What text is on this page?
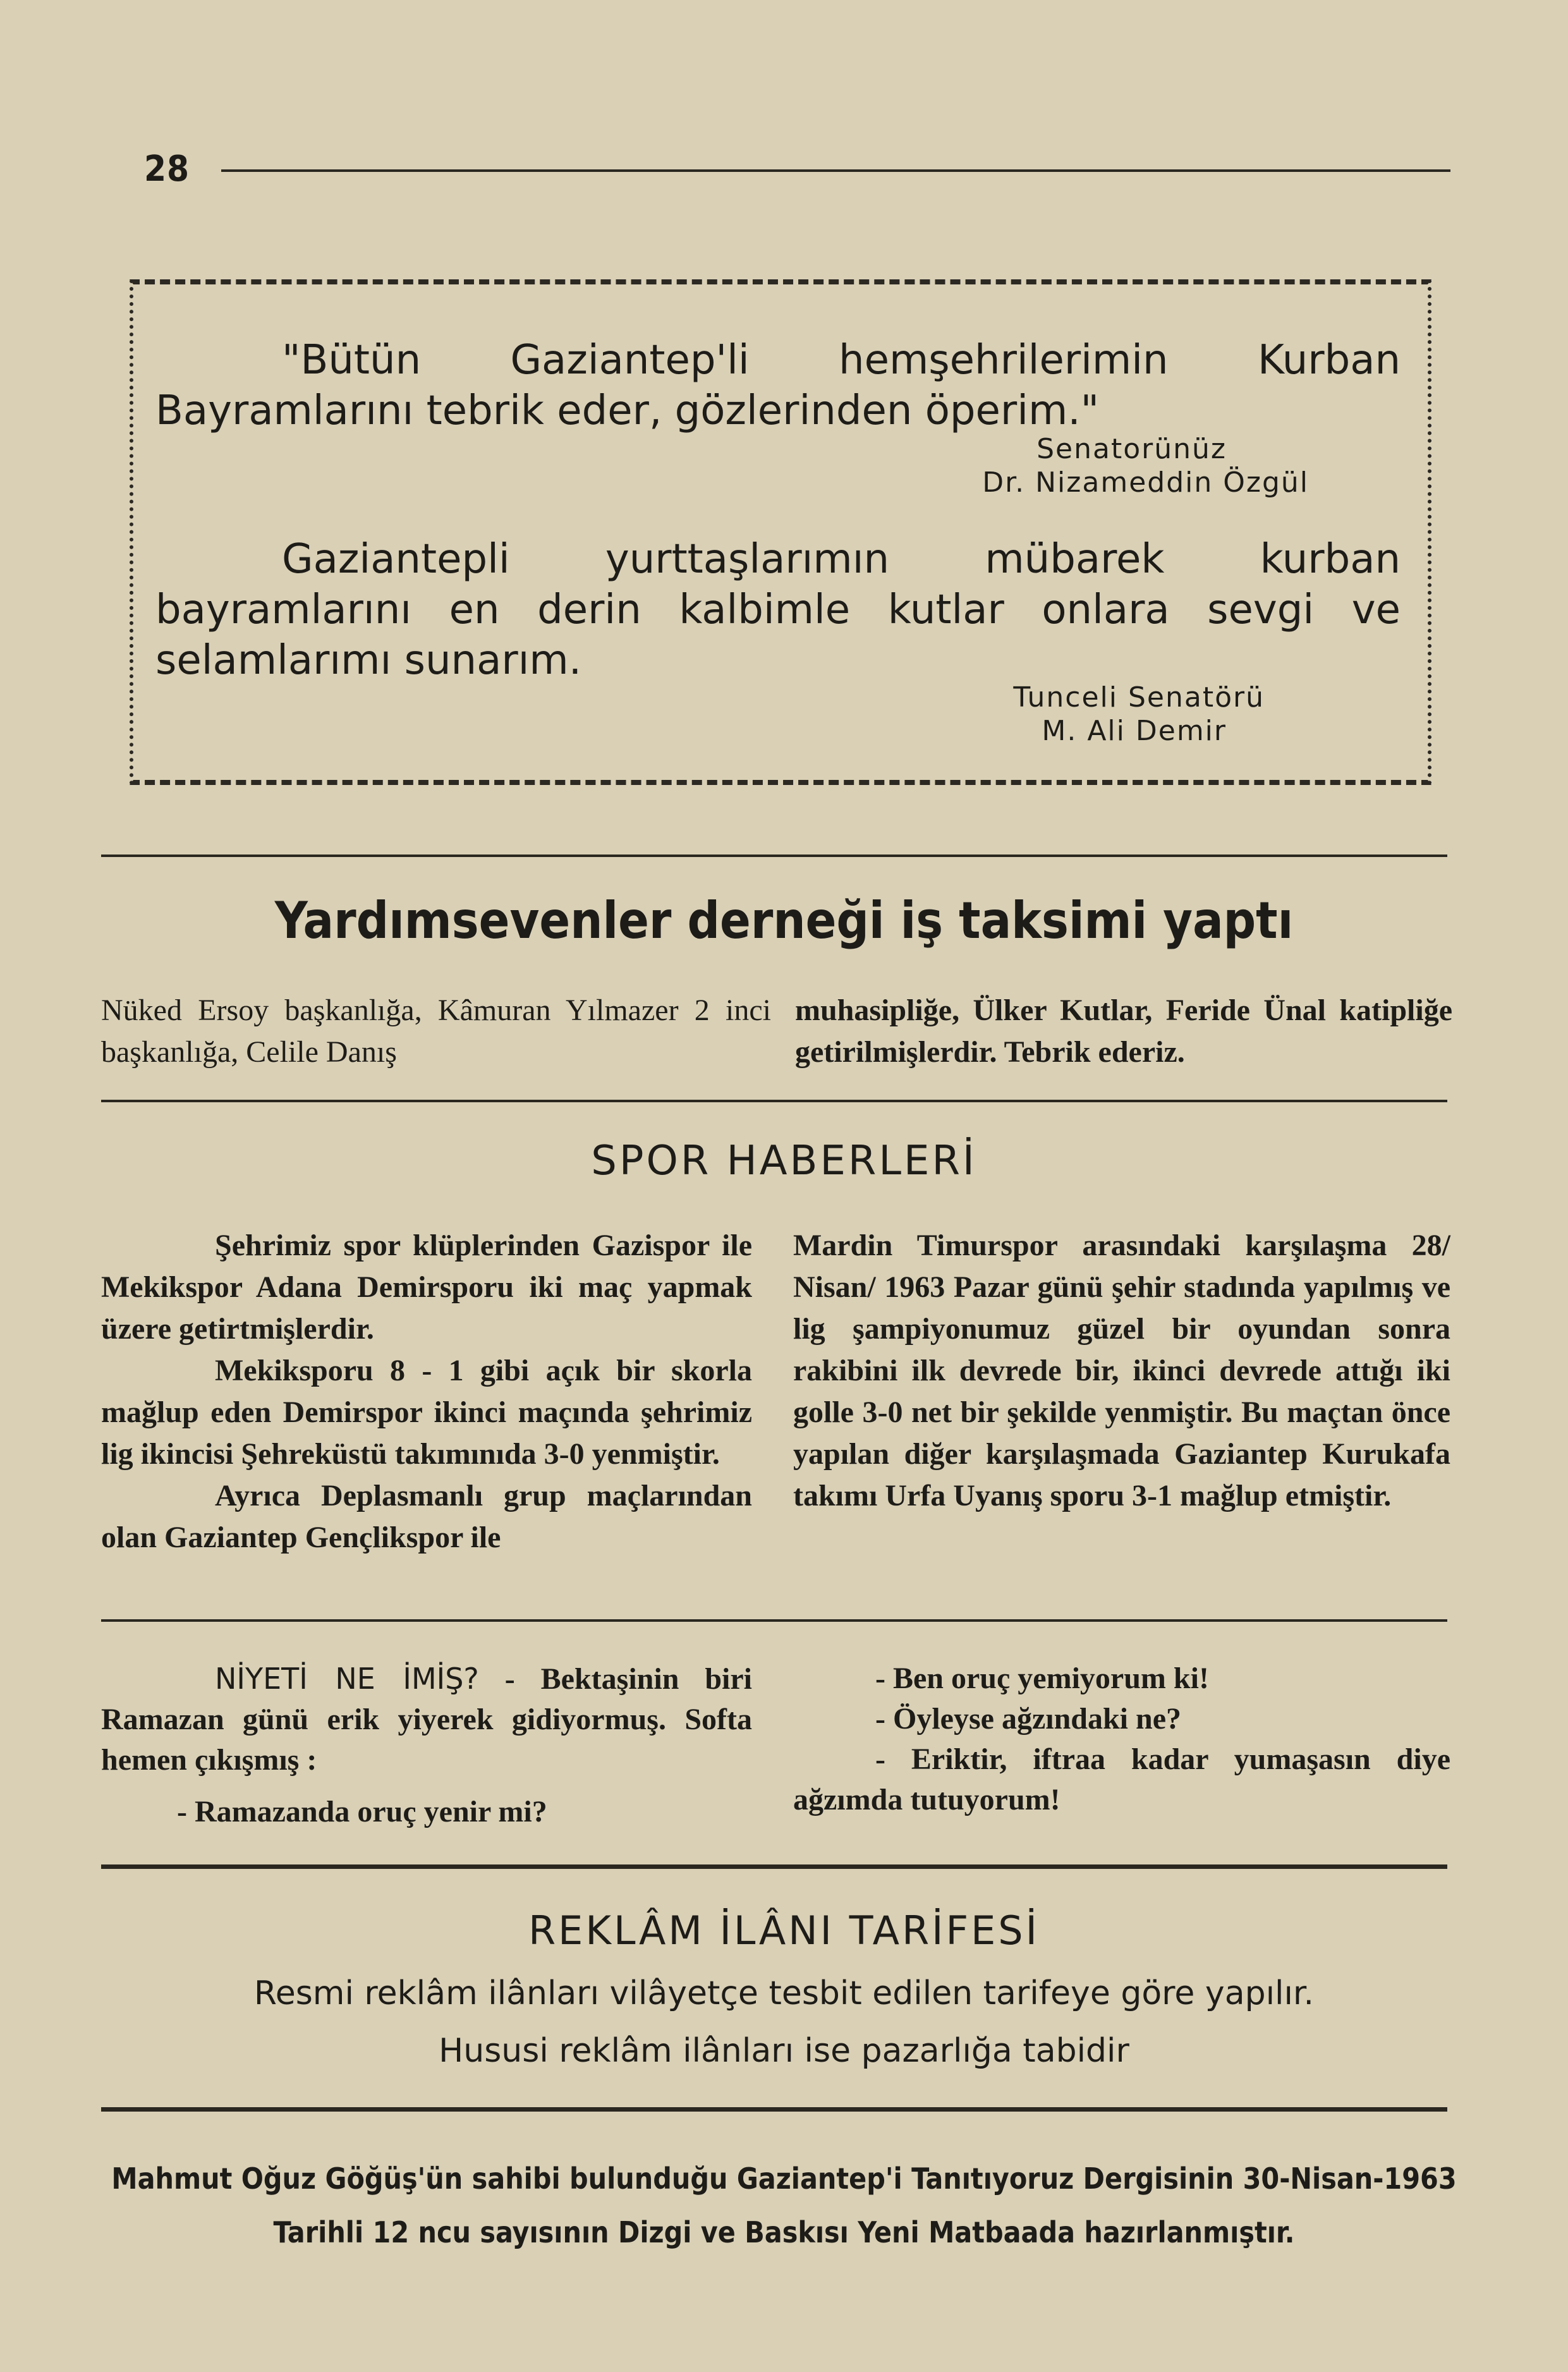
28
"Bütün Gaziantep'li hemşehrilerimin Kurban Bayramlarını tebrik eder, gözlerinden öperim."
Senatorünüz
Dr. Nizameddin Özgül
Gaziantepli yurttaşlarımın mübarek kurban bayramlarını en derin kalbimle kutlar onlara sevgi ve selamlarımı sunarım.
Tunceli Senatörü
M. Ali Demir
Yardımsevenler derneği iş taksimi yaptı
Nüked Ersoy başkanlığa, Kâmuran Yılmazer 2 inci başkanlığa, Celile Danış
muhasipliğe, Ülker Kutlar, Feride Ünal katipliğe getirilmişlerdir. Tebrik ederiz.
SPOR HABERLERİ

Şehrimiz spor klüplerinden Gazispor ile Mekikspor Adana Demirsporu iki maç yapmak üzere getirtmişlerdir.

Mekiksporu 8 - 1 gibi açık bir skorla mağlup eden Demirspor ikinci maçında şehrimiz lig ikincisi Şehreküstü takımınıda 3-0 yenmiştir.

Ayrıca Deplasmanlı grup maçlarından olan Gaziantep Gençlikspor ile

Mardin Timurspor arasındaki karşılaşma 28/ Nisan/ 1963 Pazar günü şehir stadında yapılmış ve lig şampiyonumuz güzel bir oyundan sonra rakibini ilk devrede bir, ikinci devrede attığı iki golle 3-0 net bir şekilde yenmiştir. Bu maçtan önce yapılan diğer karşılaşmada Gaziantep Kurukafa takımı Urfa Uyanış sporu 3-1 mağlup etmiştir.

NİYETİ NE İMİŞ? - Bektaşinin biri Ramazan günü erik yiyerek gidiyormuş. Softa hemen çıkışmış :

- Ramazanda oruç yenir mi?

- Ben oruç yemiyorum ki!

- Öyleyse ağzındaki ne?

- Eriktir, iftraa kadar yumaşasın diye ağzımda tutuyorum!

REKLÂM İLÂNI TARİFESİ
Resmi reklâm ilânları vilâyetçe tesbit edilen tarifeye göre yapılır.
Hususi reklâm ilânları ise pazarlığa tabidir
Mahmut Oğuz Göğüş'ün sahibi bulunduğu Gaziantep'i Tanıtıyoruz Dergisinin 30-Nisan-1963
Tarihli 12 ncu sayısının Dizgi ve Baskısı Yeni Matbaada hazırlanmıştır.
